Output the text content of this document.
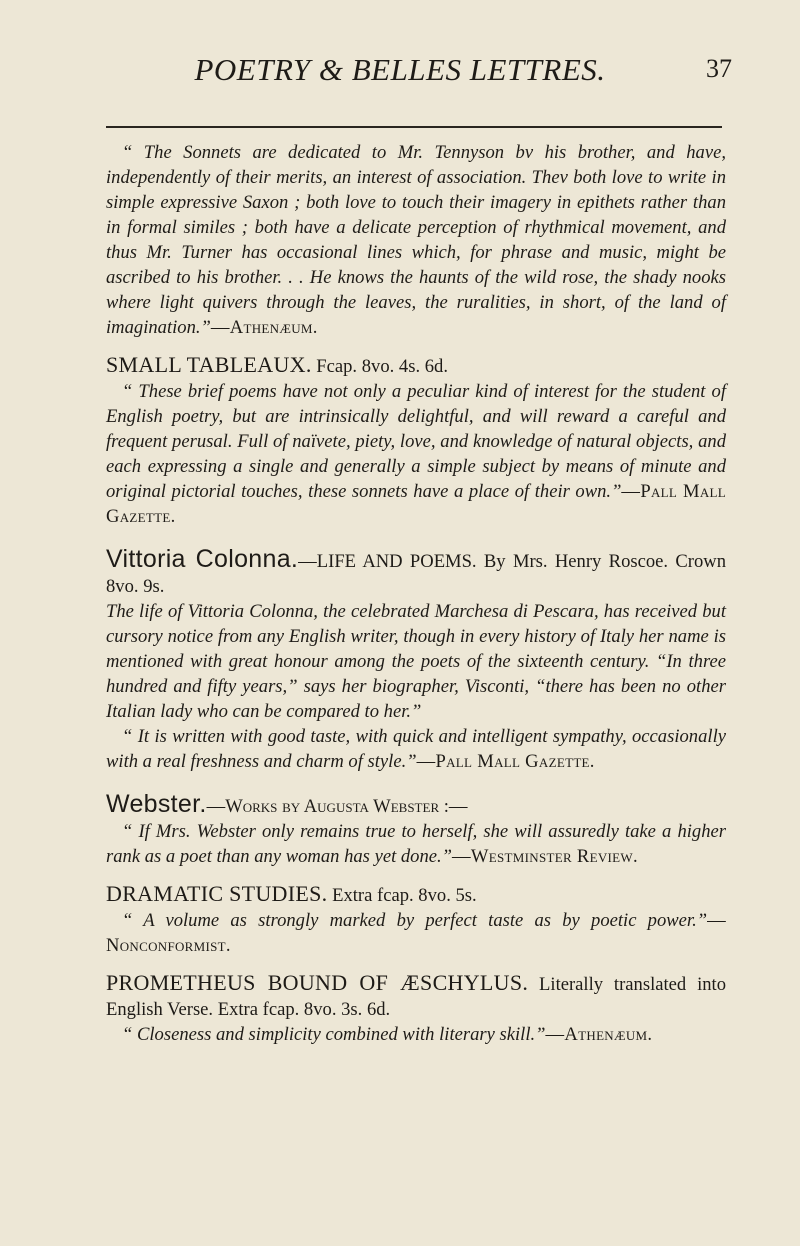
POETRY & BELLES LETTRES.	37

“ The Sonnets are dedicated to Mr. Tennyson bv his brother, and have, independently of their merits, an interest of association. Thev both love to write in simple expressive Saxon ; both love to touch their imagery in epithets rather than in formal similes ; both have a delicate perception of rhythmical movement, and thus Mr. Turner has occasional lines which, for phrase and music, might be ascribed to his brother. . . He knows the haunts of the wild rose, the shady nooks where light quivers through the leaves, the ruralities, in short, of the land of imagination.”—Athenæum.

SMALL TABLEAUX. Fcap. 8vo. 4s. 6d.

“ These brief poems have not only a peculiar kind of interest for the student of English poetry, but are intrinsically delightful, and will reward a careful and frequent perusal. Full of naïvete, piety, love, and knowledge of natural objects, and each expressing a single and generally a simple subject by means of minute and original pictorial touches, these sonnets have a place of their own.”—Pall Mall Gazette.

Vittoria Colonna.—LIFE AND POEMS. By Mrs. Henry Roscoe. Crown 8vo. 9s.

The life of Vittoria Colonna, the celebrated Marchesa di Pescara, has received but cursory notice from any English writer, though in every history of Italy her name is mentioned with great honour among the poets of the sixteenth century. “In three hundred and fifty years,” says her biographer, Visconti, “there has been no other Italian lady who can be compared to her.”

“ It is written with good taste, with quick and intelligent sympathy, occasionally with a real freshness and charm of style.”—Pall Mall Gazette.

Webster.—Works by Augusta Webster :—

“ If Mrs. Webster only remains true to herself, she will assuredly take a higher rank as a poet than any woman has yet done.”—Westminster Review.

DRAMATIC STUDIES. Extra fcap. 8vo. 5s.

“ A volume as strongly marked by perfect taste as by poetic power.”—Nonconformist.

PROMETHEUS BOUND OF ÆSCHYLUS. Literally translated into English Verse. Extra fcap. 8vo. 3s. 6d.

“ Closeness and simplicity combined with literary skill.”—Athenæum.
